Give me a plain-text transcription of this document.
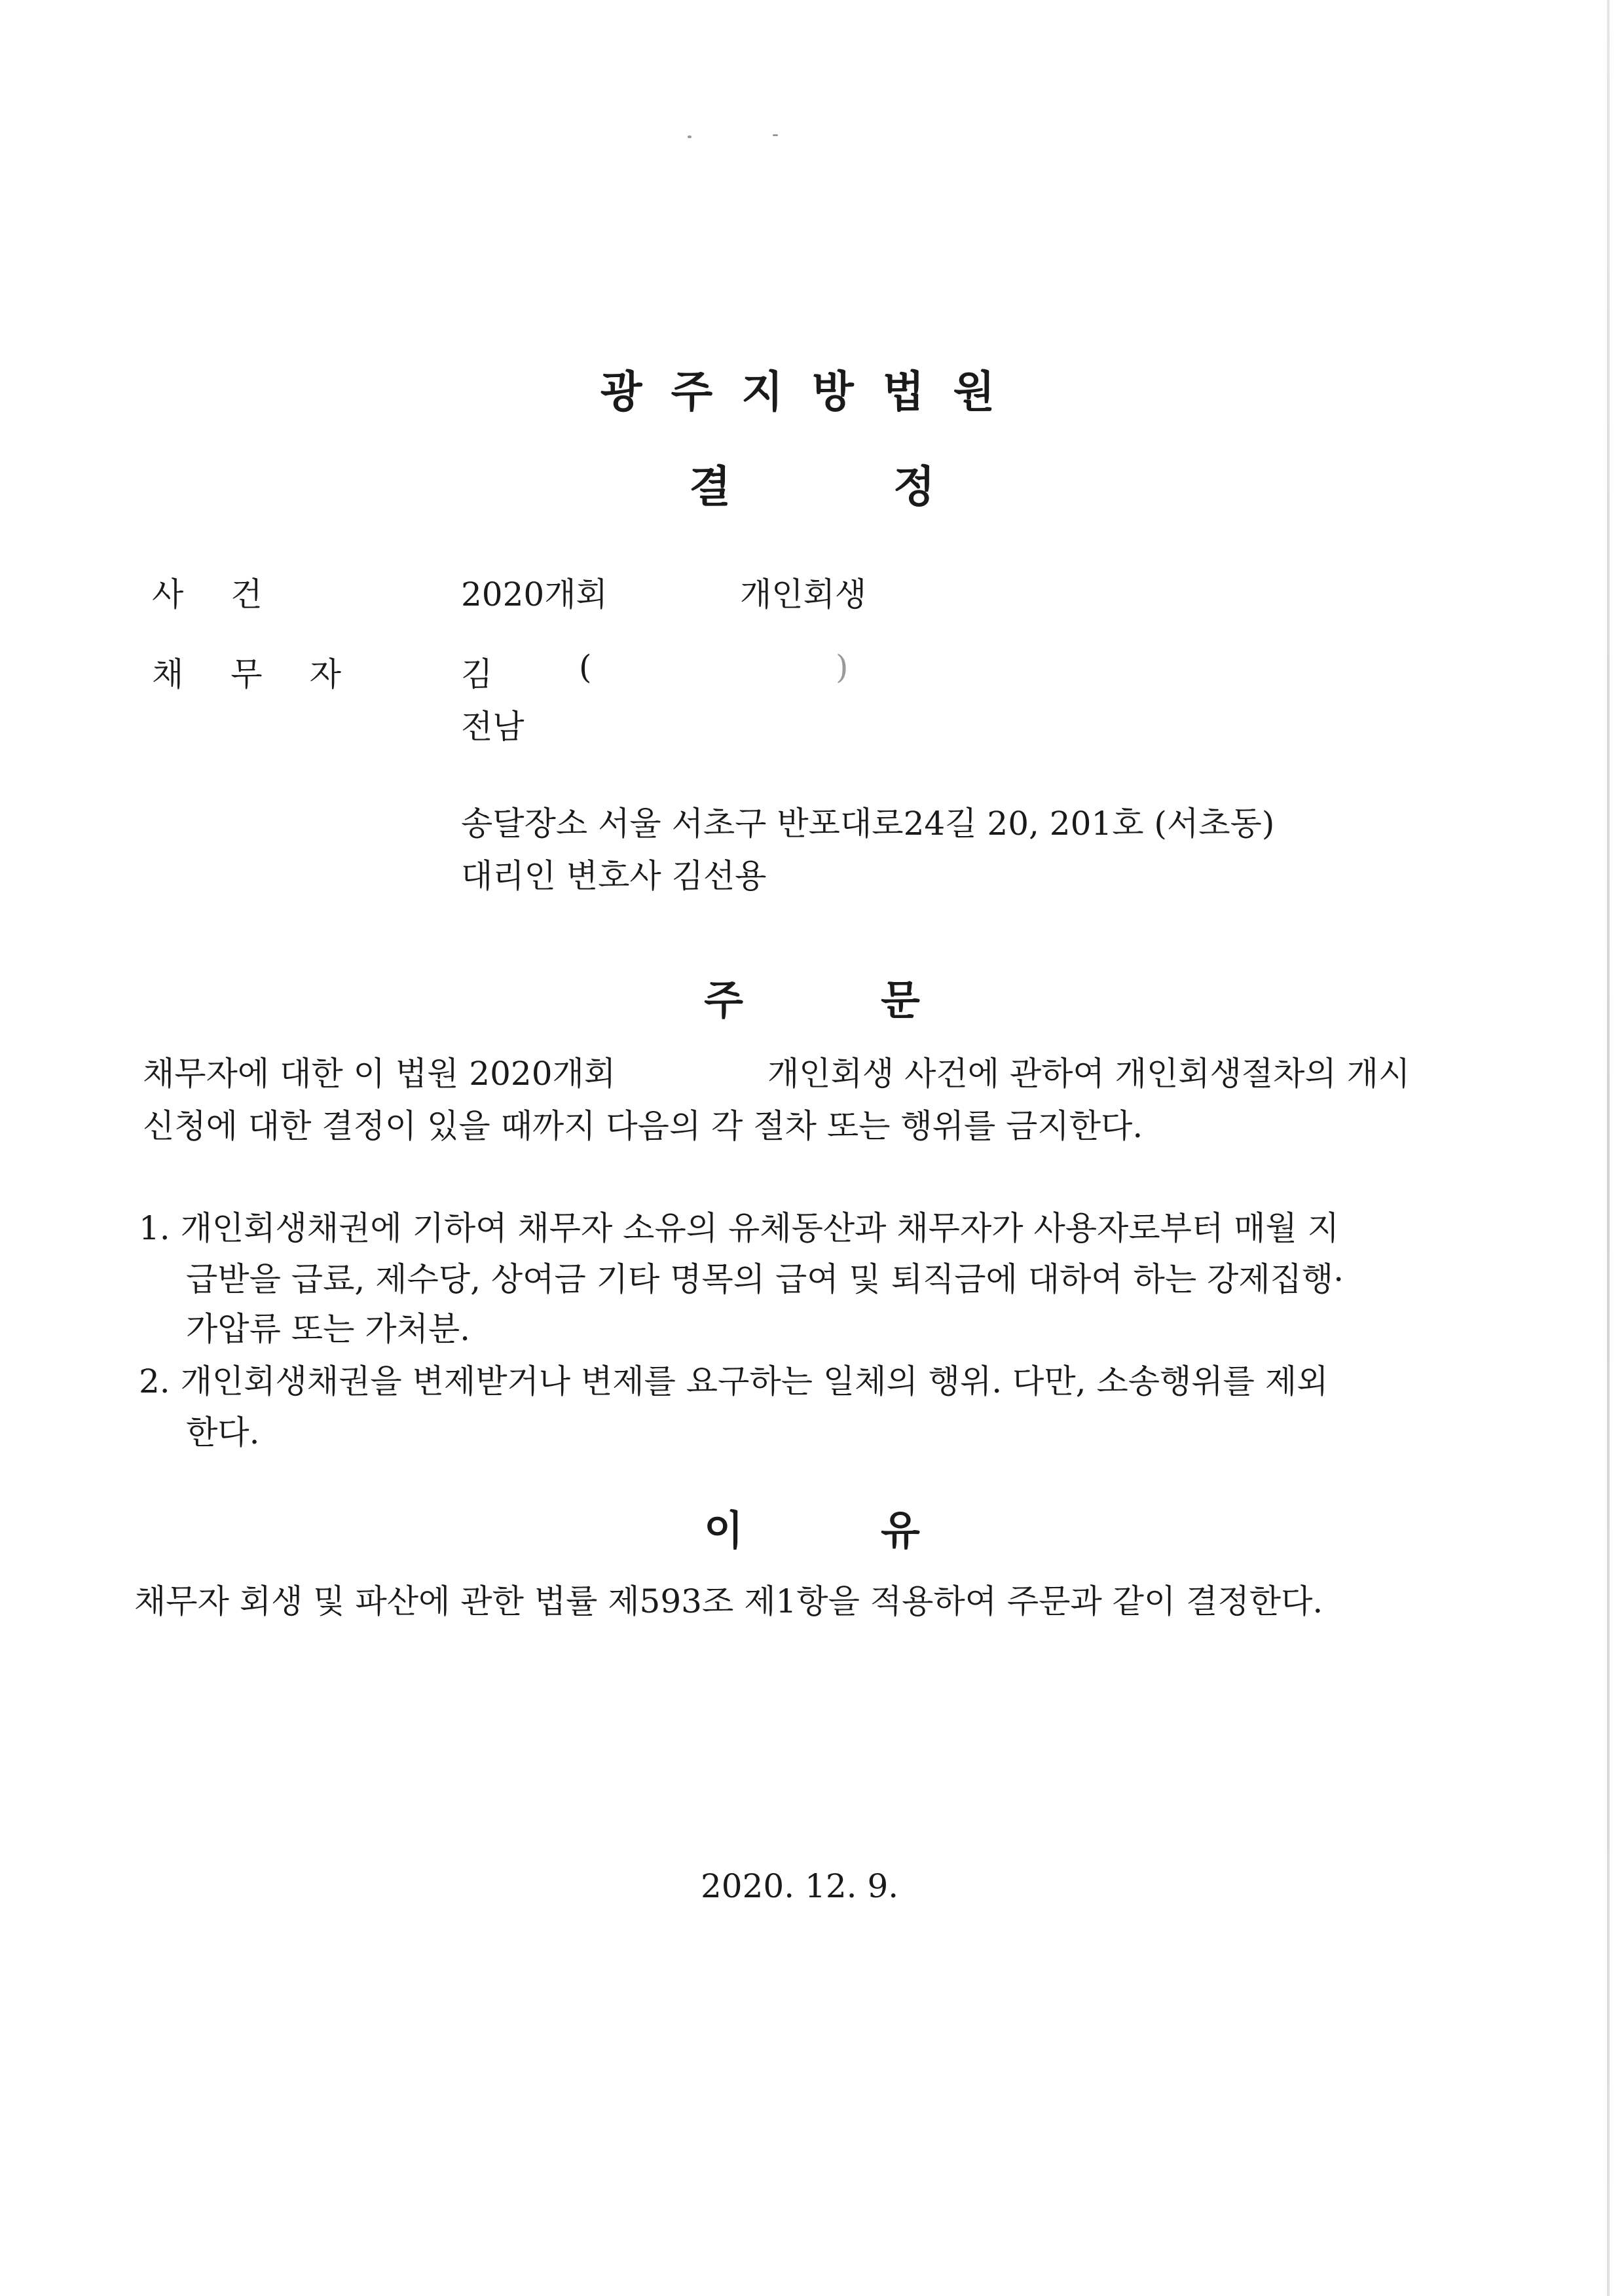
광주지방법원
결정
사건	2020개회	개인회생
채무자 김	(	)
전남
송달장소 서울 서초구 반포대로24길 20, 201호 (서초동)
대리인 변호사 김선용
주문
채무자에 대한 이 법원 2020개회	개인회생 사건에 관하여 개인회생절차의 개시
신청에 대한 결정이 있을 때까지 다음의 각 절차 또는 행위를 금지한다.
1. 개인회생채권에 기하여 채무자 소유의 유체동산과 채무자가 사용자로부터 매월 지
급받을 급료, 제수당, 상여금 기타 명목의 급여 및 퇴직금에 대하여 하는 강제집행·
가압류 또는 가처분.
2. 개인회생채권을 변제받거나 변제를 요구하는 일체의 행위. 다만, 소송행위를 제외
한다.
이유
채무자 회생 및 파산에 관한 법률 제593조 제1항을 적용하여 주문과 같이 결정한다.
2020. 12. 9.
